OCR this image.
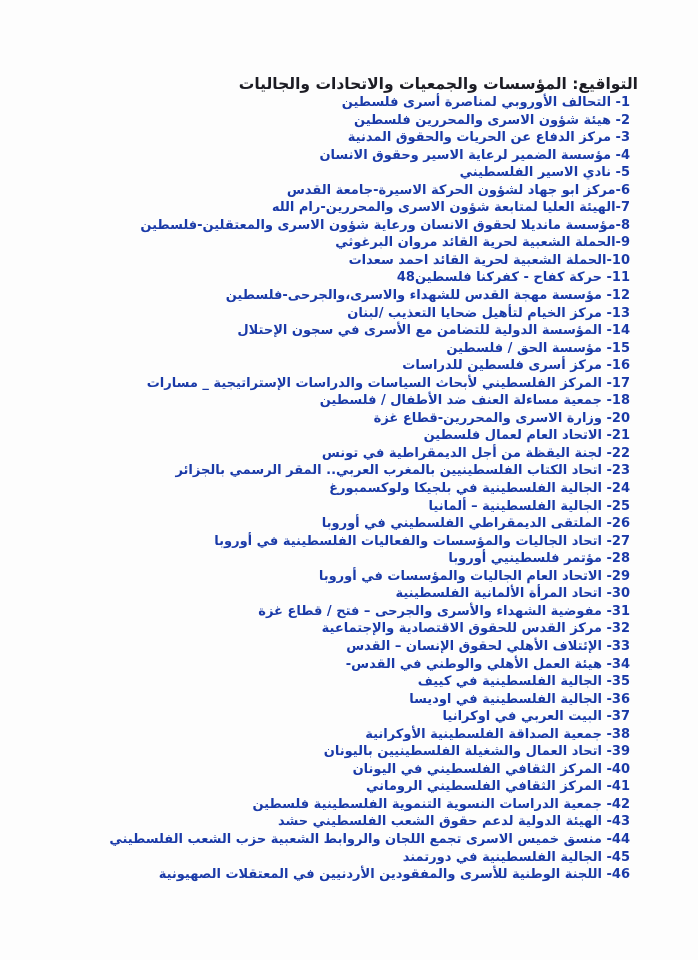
التواقيع: المؤسسات والجمعيات والاتحادات والجاليات
1- التحالف الأوروبي لمناصرة أسرى فلسطين
2- هيئة شؤون الاسرى والمحررين فلسطين
3- مركز الدفاع عن الحريات والحقوق المدنية
4- مؤسسة الضمير لرعاية الاسير وحقوق الانسان
5- نادي الاسير الفلسطيني
6-مركز ابو جهاد لشؤون الحركة الاسيرة-جامعة القدس
7-الهيئة العليا لمتابعة شؤون الاسرى والمحررين-رام الله
8-مؤسسة مانديلا لحقوق الانسان ورعاية شؤون الاسرى والمعتقلين-فلسطين
9-الحملة الشعبية لحرية القائد مروان البرغوثي
10-الحملة الشعبية لحرية القائد احمد سعدات
11- حركة كفاح - كفركنا فلسطين48
12- مؤسسة مهجة القدس للشهداء والاسرى،والجرحى-فلسطين
13- مركز الخيام لتأهيل ضحايا التعذيب /لبنان
14- المؤسسة الدولية للتضامن مع الأسرى في سجون الإحتلال
15- مؤسسة الحق / فلسطين
16- مركز أسرى فلسطين للدراسات
17- المركز الفلسطيني لأبحاث السياسات والدراسات الإستراتيجية _ مسارات
18- جمعية مساءلة العنف ضد الأطفال / فلسطين
20- وزارة الاسرى والمحررين-قطاع غزة
21- الاتحاد العام لعمال فلسطين
22- لجنة اليقظة من أجل الديمقراطية في تونس
23- اتحاد الكتاب الفلسطينيين بالمغرب العربي.. المقر الرسمي بالجزائر
24- الجالية الفلسطينية في بلجيكا ولوكسمبورغ
25- الجالية الفلسطينية – ألمانيا
26- الملتقى الديمقراطي الفلسطيني في أوروبا
27- اتحاد الجاليات والمؤسسات والفعاليات الفلسطينية في أوروبا
28- مؤتمر فلسطينيي أوروبا
29- الاتحاد العام الجاليات والمؤسسات في أوروبا
30- اتحاد المرأة الألمانية الفلسطينية
31- مفوضية الشهداء والأسرى والجرحى – فتح / قطاع غزة
32- مركز القدس للحقوق الاقتصادية والإجتماعية
33- الإئتلاف الأهلي لحقوق الإنسان – القدس
34- هيئة العمل الأهلي والوطني في القدس-
35- الجالية الفلسطينية في كييف
36- الجالية الفلسطينية في اوديسا
37- البيت العربي في اوكرانيا
38- جمعية الصداقة الفلسطينية الأوكرانية
39- اتحاد العمال والشغيلة الفلسطينيين باليونان
40- المركز الثقافي الفلسطيني في اليونان
41- المركز الثقافي الفلسطيني الروماني
42- جمعية الدراسات النسوية التنموية الفلسطينية فلسطين
43- الهيئة الدولية لدعم حقوق الشعب الفلسطيني حشد
44- منسق خميس الاسرى تجمع اللجان والروابط الشعبية حزب الشعب الفلسطيني
45- الجالية الفلسطينية في دورتمند
46- اللجنة الوطنية للأسرى والمفقودين الأردنيين في المعتقلات الصهيونية
